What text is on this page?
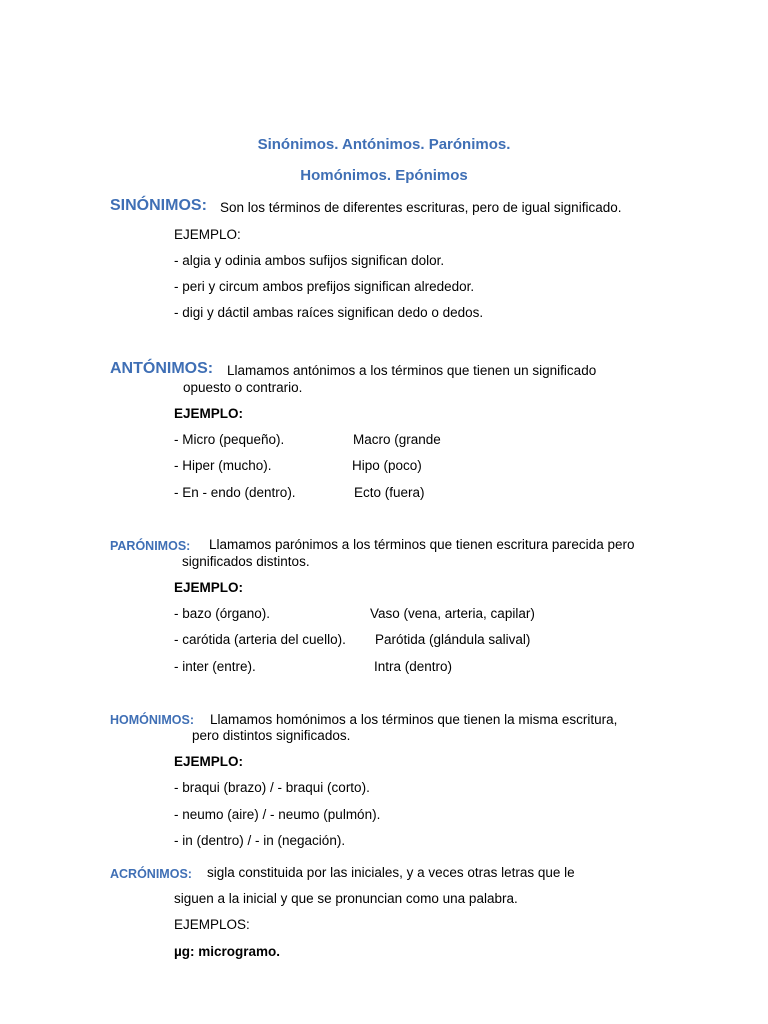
Sinónimos. Antónimos. Parónimos.
Homónimos. Epónimos
SINÓNIMOS: Son los términos de diferentes escrituras, pero de igual significado.
EJEMPLO:
- algia y odinia ambos sufijos significan dolor.
- peri y circum ambos prefijos significan alrededor.
- digi y dáctil ambas raíces significan dedo o dedos.
ANTÓNIMOS: Llamamos antónimos a los términos que tienen un significado
opuesto o contrario.
EJEMPLO:
- Micro (pequeño).	Macro (grande
- Hiper (mucho).	Hipo (poco)
- En - endo (dentro).	Ecto (fuera)
PARÓNIMOS: Llamamos parónimos a los términos que tienen escritura parecida pero
significados distintos.
EJEMPLO:
- bazo (órgano).	Vaso (vena, arteria, capilar)
- carótida (arteria del cuello). Parótida (glándula salival)
- inter (entre).	Intra (dentro)
HOMÓNIMOS: Llamamos homónimos a los términos que tienen la misma escritura,
pero distintos significados.
EJEMPLO:
- braqui (brazo) / - braqui (corto).
- neumo (aire) / - neumo (pulmón).
- in (dentro) / - in (negación).
ACRÓNIMOS: sigla constituida por las iniciales, y a veces otras letras que le
siguen a la inicial y que se pronuncian como una palabra.
EJEMPLOS:
µg: microgramo.
